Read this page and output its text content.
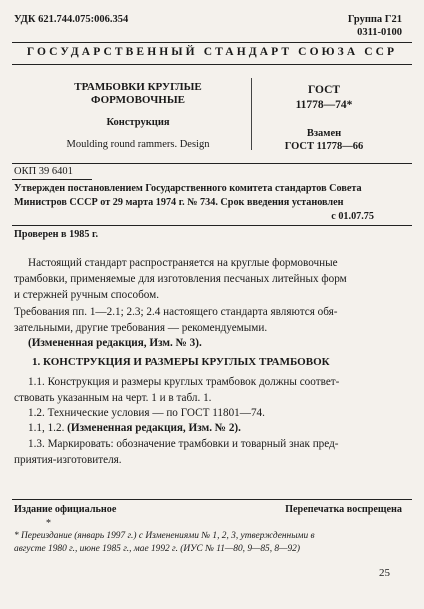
УДК 621.744.075:006.354	Группа Г21
0311-0100
ГОСУДАРСТВЕННЫЙ СТАНДАРТ СОЮЗА ССР
ТРАМБОВКИ КРУГЛЫЕ
ФОРМОВОЧНЫЕ
Конструкция
Moulding round rammers. Design
ГОСТ
11778—74*
Взамен
ГОСТ 11778—66
ОКП 39 6401
Утвержден постановлением Государственного комитета стандартов Совета
Министров СССР от 29 марта 1974 г. № 734. Срок введения установлен
с 01.07.75
Проверен в 1985 г.
Настоящий стандарт распространяется на круглые формовочные
трамбовки, применяемые для изготовления песчаных литейных форм
и стержней ручным способом.
Требования пп. 1—2.1; 2.3; 2.4 настоящего стандарта являются обя-
зательными, другие требования — рекомендуемыми.
(Измененная редакция, Изм. № 3).
1. КОНСТРУКЦИЯ И РАЗМЕРЫ КРУГЛЫХ ТРАМБОВОК
1.1. Конструкция и размеры круглых трамбовок должны соответ-
ствовать указанным на черт. 1 и в табл. 1.
1.2. Технические условия — по ГОСТ 11801—74.
1.1, 1.2. (Измененная редакция, Изм. № 2).
1.3. Маркировать: обозначение трамбовки и товарный знак пред-
приятия-изготовителя.
Издание официальное	Перепечатка воспрещена
*
* Переиздание (январь 1997 г.) с Изменениями № 1, 2, 3, утвержденными в
августе 1980 г., июне 1985 г., мае 1992 г. (ИУС № 11—80, 9—85, 8—92)
25
